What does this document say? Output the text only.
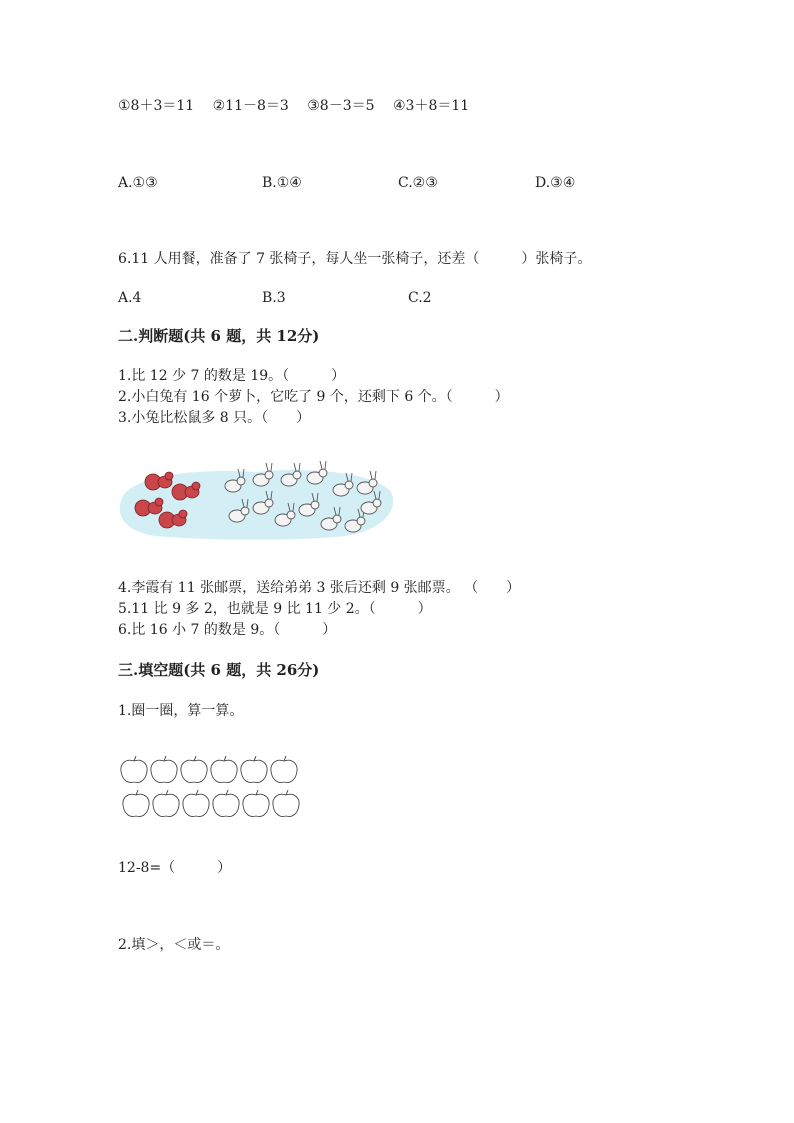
①8＋3＝11　 ②11－8＝3　 ③8－3＝5　 ④3＋8＝11
A.①③	B.①④	C.②③	D.③④
6.11 人用餐，准备了 7 张椅子，每人坐一张椅子，还差（　　　）张椅子。
A.4	B.3	C.2
二.判断题(共 6 题，共 12分)
1.比 12 少 7 的数是 19。（　　　）
2.小白兔有 16 个萝卜，它吃了 9 个，还剩下 6 个。（　　　）
3.小兔比松鼠多 8 只。（　　）
4.李霞有 11 张邮票，送给弟弟 3 张后还剩 9 张邮票。 （　　）
5.11 比 9 多 2，也就是 9 比 11 少 2。（　　　）
6.比 16 小 7 的数是 9。（　　　）
三.填空题(共 6 题，共 26分)
1.圈一圈，算一算。
12-8=（　　　）
2.填＞，＜或＝。
